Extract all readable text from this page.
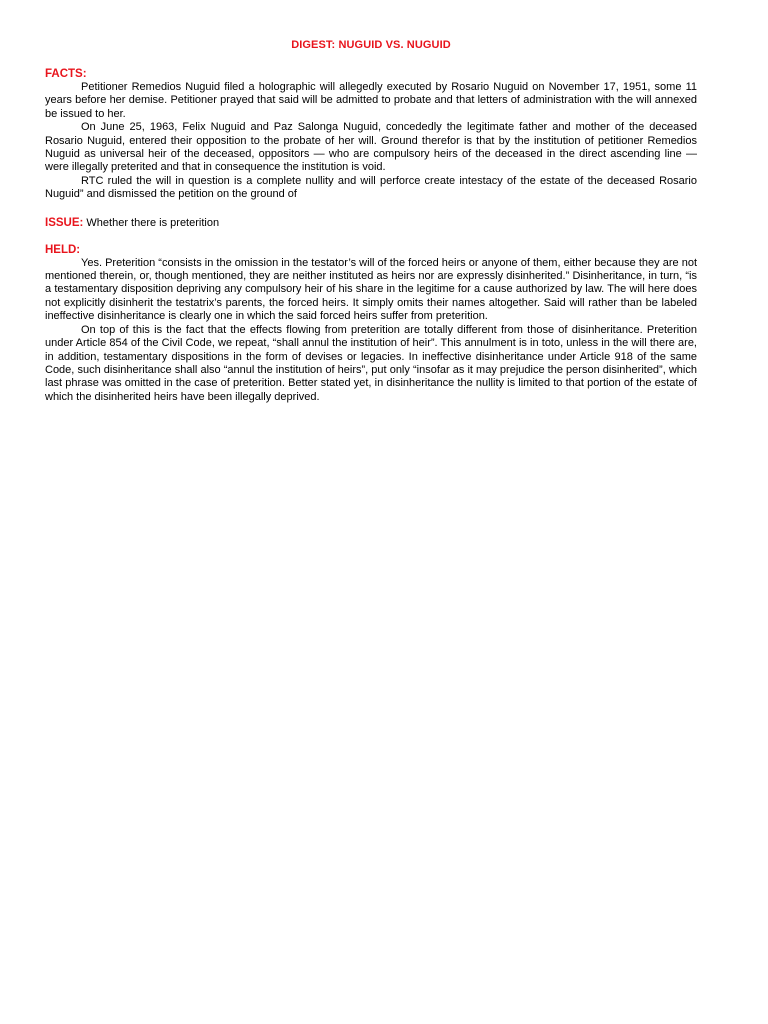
DIGEST: NUGUID VS. NUGUID
FACTS:

Petitioner Remedios Nuguid filed a holographic will allegedly executed by Rosario Nuguid on November 17, 1951, some 11 years before her demise. Petitioner prayed that said will be admitted to probate and that letters of administration with the will annexed be issued to her.

On June 25, 1963, Felix Nuguid and Paz Salonga Nuguid, concededly the legitimate father and mother of the deceased Rosario Nuguid, entered their opposition to the probate of her will. Ground therefor is that by the institution of petitioner Remedios Nuguid as universal heir of the deceased, oppositors — who are compulsory heirs of the deceased in the direct ascending line — were illegally preterited and that in consequence the institution is void.

RTC ruled the will in question is a complete nullity and will perforce create intestacy of the estate of the deceased Rosario Nuguid” and dismissed the petition on the ground of

ISSUE: Whether there is preterition
HELD:

Yes. Preterition “consists in the omission in the testator’s will of the forced heirs or anyone of them, either because they are not mentioned therein, or, though mentioned, they are neither instituted as heirs nor are expressly disinherited.” Disinheritance, in turn, “is a testamentary disposition depriving any compulsory heir of his share in the legitime for a cause authorized by law. The will here does not explicitly disinherit the testatrix’s parents, the forced heirs. It simply omits their names altogether. Said will rather than be labeled ineffective disinheritance is clearly one in which the said forced heirs suffer from preterition.

On top of this is the fact that the effects flowing from preterition are totally different from those of disinheritance. Preterition under Article 854 of the Civil Code, we repeat, “shall annul the institution of heir”. This annulment is in toto, unless in the will there are, in addition, testamentary dispositions in the form of devises or legacies. In ineffective disinheritance under Article 918 of the same Code, such disinheritance shall also “annul the institution of heirs”, put only “insofar as it may prejudice the person disinherited”, which last phrase was omitted in the case of preterition. Better stated yet, in disinheritance the nullity is limited to that portion of the estate of which the disinherited heirs have been illegally deprived.
